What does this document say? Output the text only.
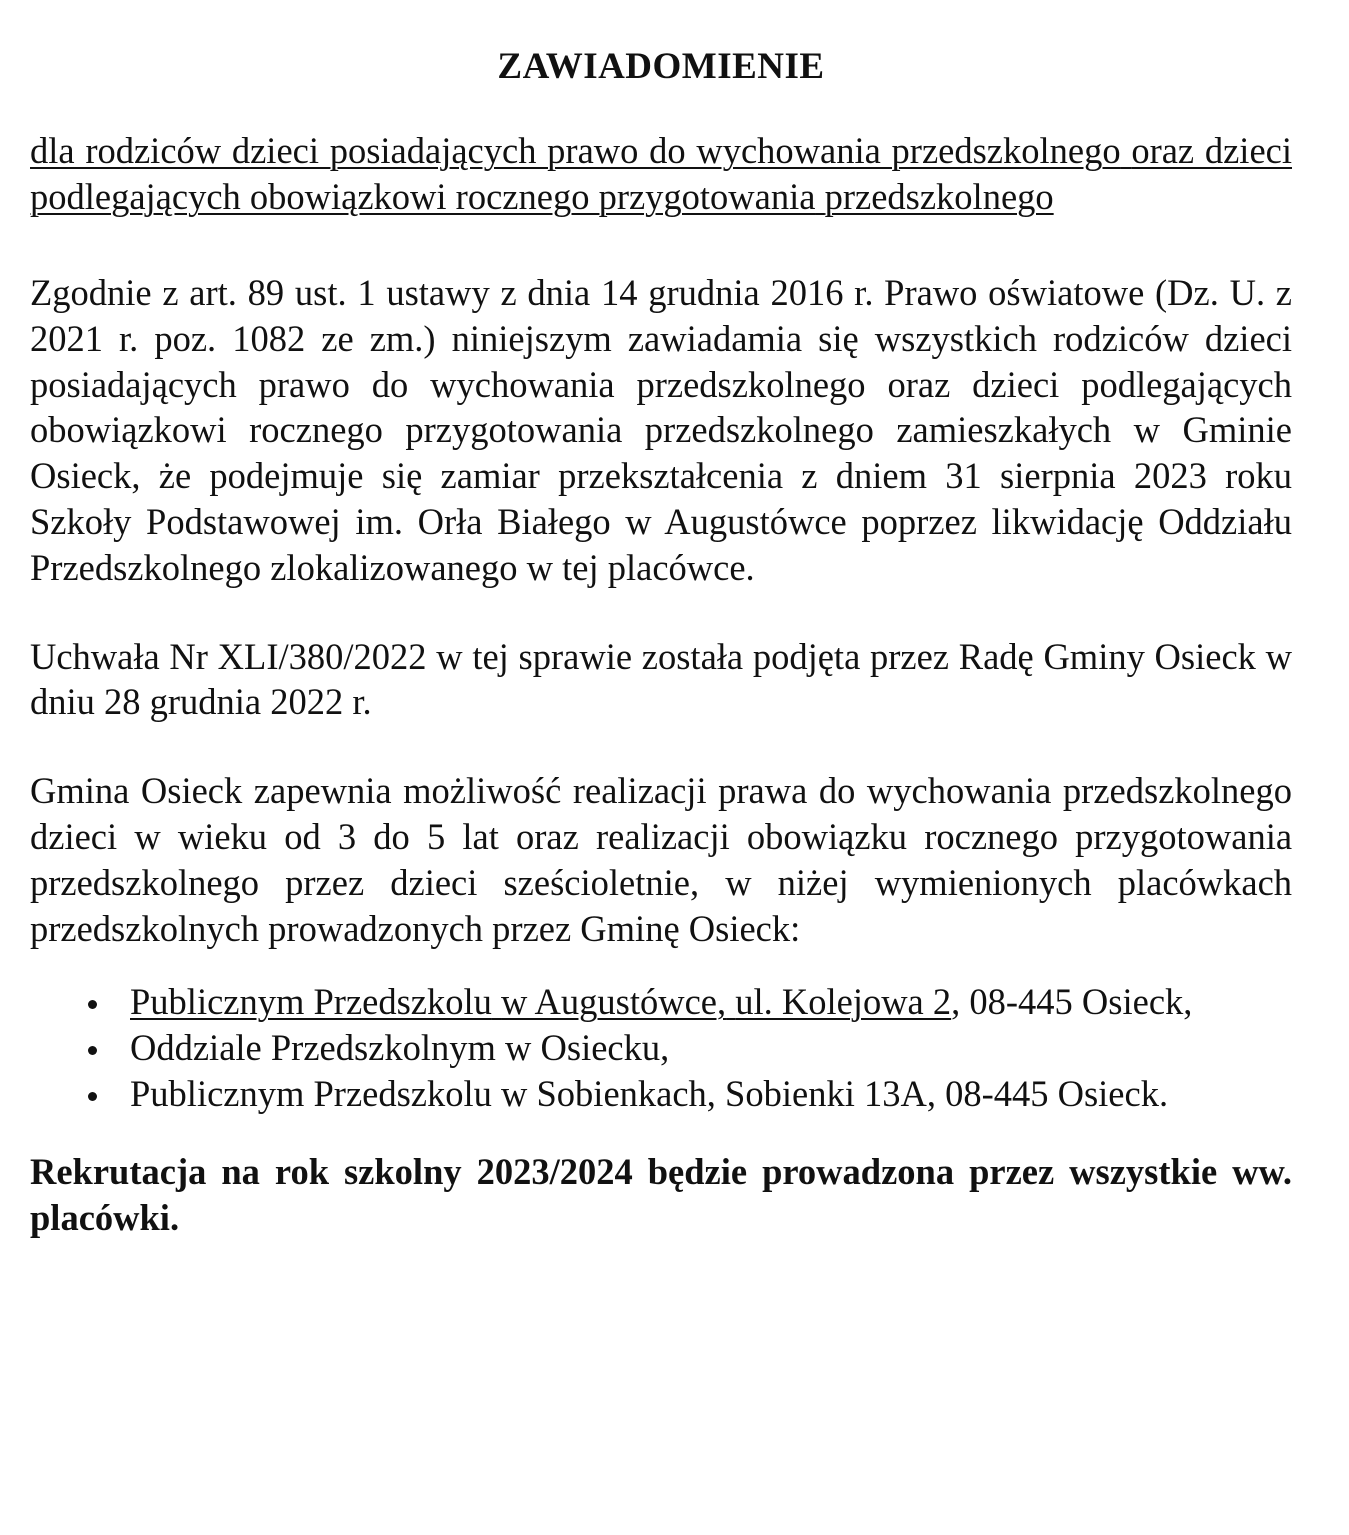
ZAWIADOMIENIE

dla rodziców dzieci posiadających prawo do wychowania przedszkolnego oraz dzieci podlegających obowiązkowi rocznego przygotowania przedszkolnego

Zgodnie z art. 89 ust. 1 ustawy z dnia 14 grudnia 2016 r. Prawo oświatowe (Dz. U. z 2021 r. poz. 1082 ze zm.) niniejszym zawiadamia się wszystkich rodziców dzieci posiadających prawo do wychowania przedszkolnego oraz dzieci podlegających obowiązkowi rocznego przygotowania przedszkolnego zamieszkałych w Gminie Osieck, że podejmuje się zamiar przekształcenia z dniem 31 sierpnia 2023 roku Szkoły Podstawowej im. Orła Białego w Augustówce poprzez likwidację Oddziału Przedszkolnego zlokalizowanego w tej placówce.

Uchwała Nr XLI/380/2022 w tej sprawie została podjęta przez Radę Gminy Osieck w dniu 28 grudnia 2022 r.

Gmina Osieck zapewnia możliwość realizacji prawa do wychowania przedszkolnego dzieci w wieku od 3 do 5 lat oraz realizacji obowiązku rocznego przygotowania przedszkolnego przez dzieci sześcioletnie, w niżej wymienionych placówkach przedszkolnych prowadzonych przez Gminę Osieck:

Publicznym Przedszkolu w Augustówce, ul. Kolejowa 2, 08-445 Osieck,
Oddziale Przedszkolnym w Osiecku,
Publicznym Przedszkolu w Sobienkach, Sobienki 13A, 08-445 Osieck.

Rekrutacja na rok szkolny 2023/2024 będzie prowadzona przez wszystkie ww. placówki.
